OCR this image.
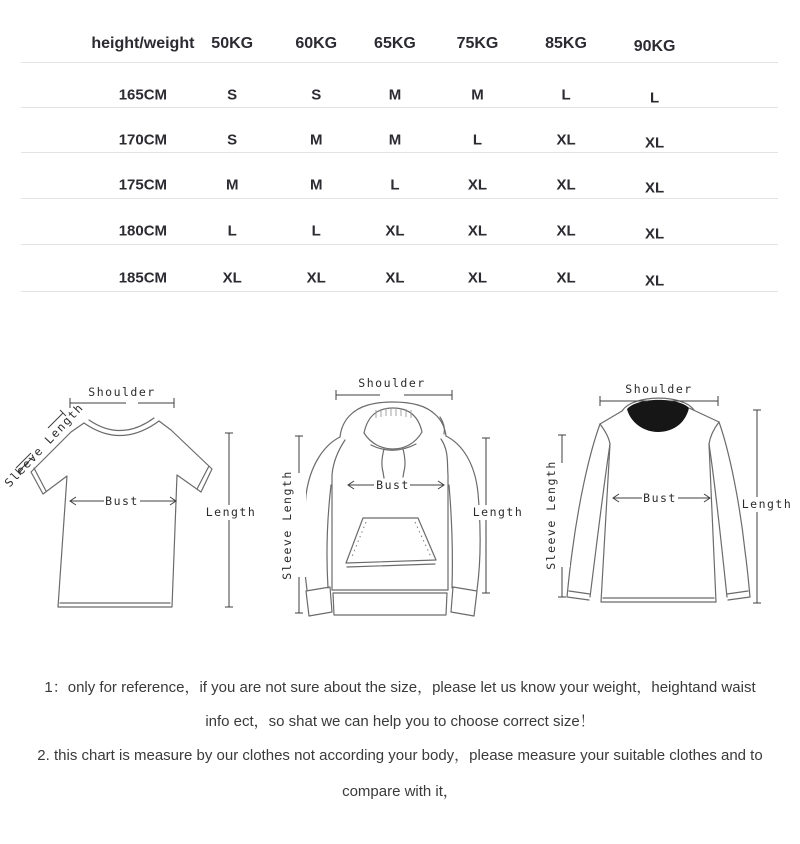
height/weight 50KG	60KG 65KG	75KG	85KG	90KG
165CM	S	S	M	M	L	L
170CM	S	M	M	L	XL	XL
175CM	M	M	L	XL	XL	XL
180CM	L	L	XL	XL	XL	XL
185CM	XL	XL	XL	XL	XL	XL
Shoulder
Sleeve Length
Bust
Length
Shoulder
Bust
Sleeve Length	Length
Shoulder
Bust
Sleeve Length	Length
1：only for reference，if you are not sure about the size，please let us know your weight，heightand waist
info ect，so shat we can help you to choose correct size！
2. this chart is measure by our clothes not according your body，please measure your suitable clothes and to
compare with it，
